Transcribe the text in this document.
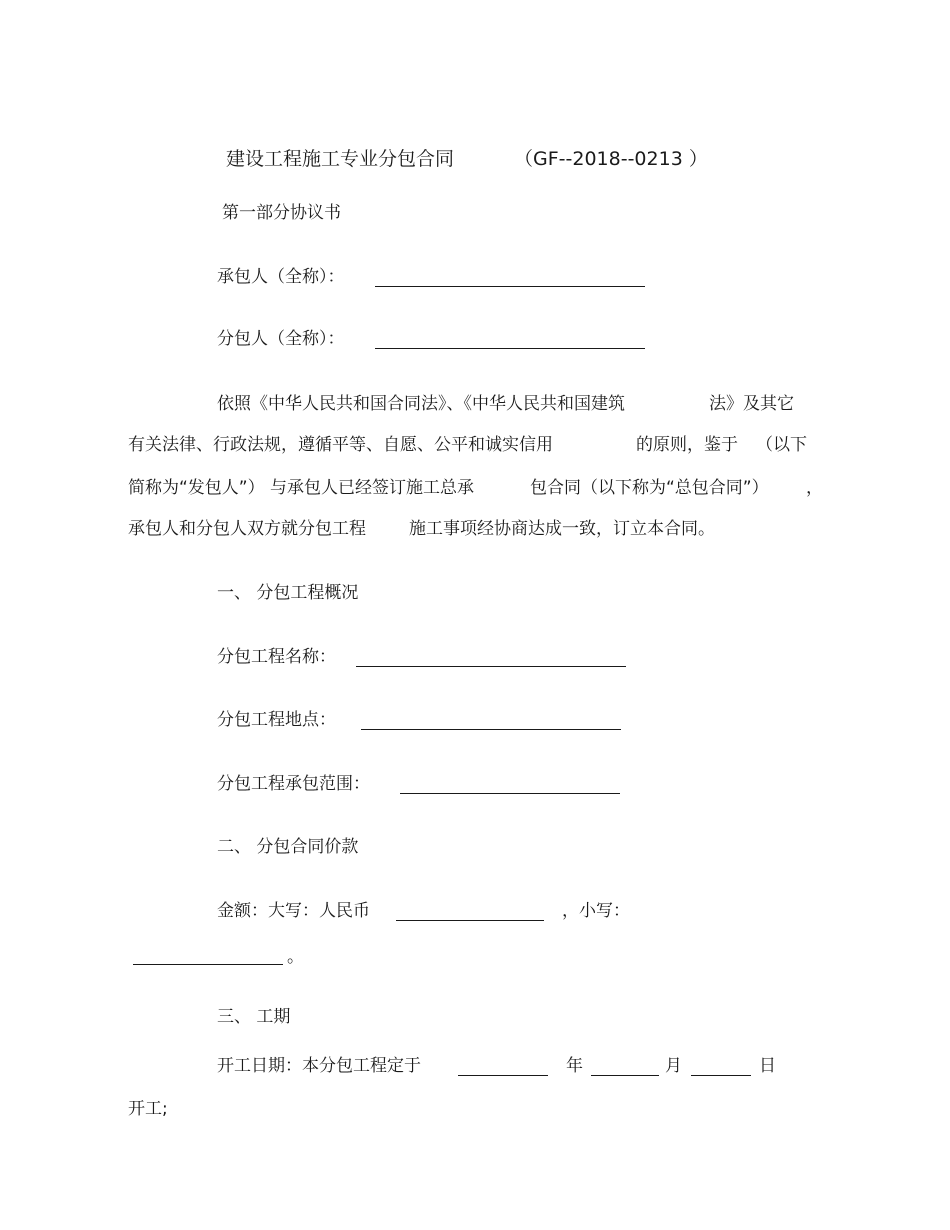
建设工程施工专业分包合同	（GF--2018--0213 ）
第一部分协议书
承包人（全称）：
分包人（全称）：
依照《中华人民共和国合同法》、《中华人民共和国建筑	法》及其它
有关法律、行政法规，遵循平等、自愿、公平和诚实信用	的原则，鉴于 （以下
简称为“发包人”） 与承包人已经签订施工总承	包合同（以下称为“总包合同”） ，
承包人和分包人双方就分包工程	施工事项经协商达成一致，订立本合同。
一、 分包工程概况
分包工程名称：
分包工程地点：
分包工程承包范围：
二、 分包合同价款
金额：大写：人民币	，小写：
。
三、 工期
开工日期：本分包工程定于	年	月	日
开工;
